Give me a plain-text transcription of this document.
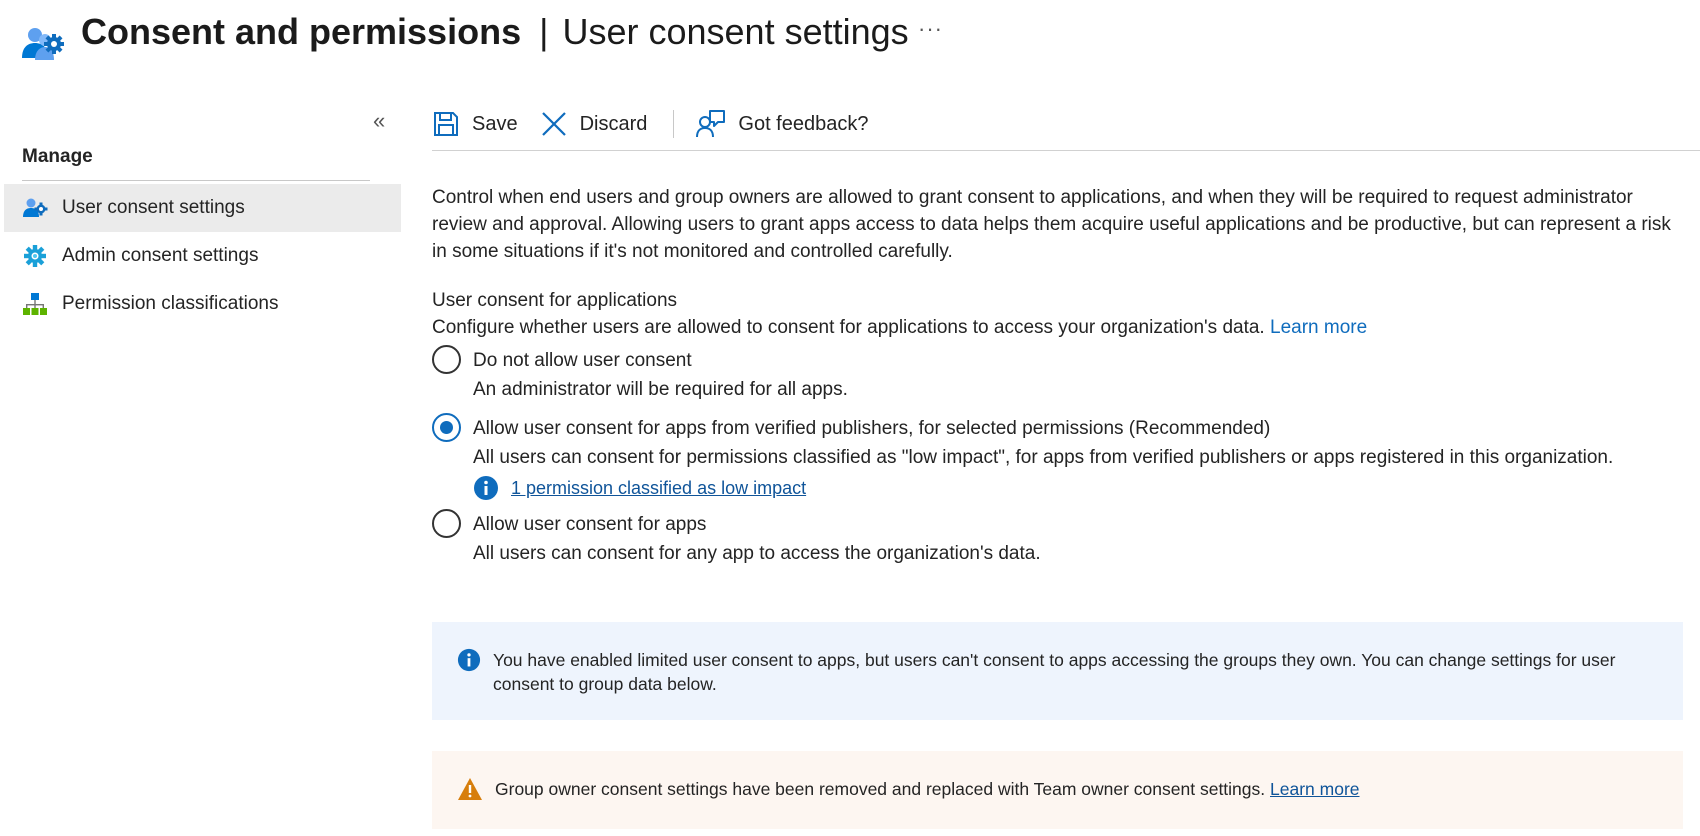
Consent and permissions | User consent settings ···
«
Manage
User consent settings
Admin consent settings
Permission classifications
Save	Discard	Got feedback?

Control when end users and group owners are allowed to grant consent to applications, and when they will be required to request administrator review and approval. Allowing users to grant apps access to data helps them acquire useful applications and be productive, but can represent a risk in some situations if it's not monitored and controlled carefully.

User consent for applications
Configure whether users are allowed to consent for applications to access your organization's data. Learn more
Do not allow user consent
An administrator will be required for all apps.
Allow user consent for apps from verified publishers, for selected permissions (Recommended)
All users can consent for permissions classified as "low impact", for apps from verified publishers or apps registered in this organization.
1 permission classified as low impact
Allow user consent for apps
All users can consent for any app to access the organization's data.
You have enabled limited user consent to apps, but users can't consent to apps accessing the groups they own. You can change settings for user consent to group data below.
Group owner consent settings have been removed and replaced with Team owner consent settings. Learn more
